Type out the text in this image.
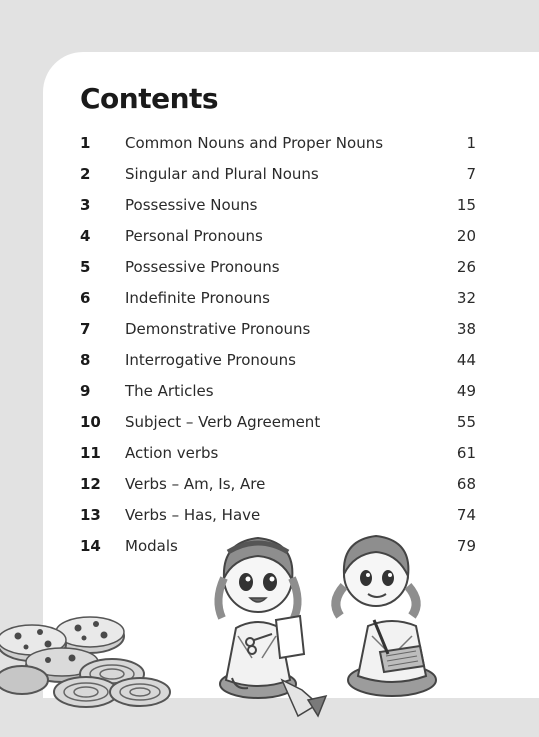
Contents
1 Common Nouns and Proper Nouns	1
2 Singular and Plural Nouns	7
3 Possessive Nouns	15
4 Personal Pronouns	20
5 Possessive Pronouns	26
6 Indefinite Pronouns	32
7 Demonstrative Pronouns	38
8 Interrogative Pronouns	44
9 The Articles	49
10 Subject – Verb Agreement	55
11 Action verbs	61
12 Verbs – Am, Is, Are	68
13 Verbs – Has, Have	74
14 Modals	79
